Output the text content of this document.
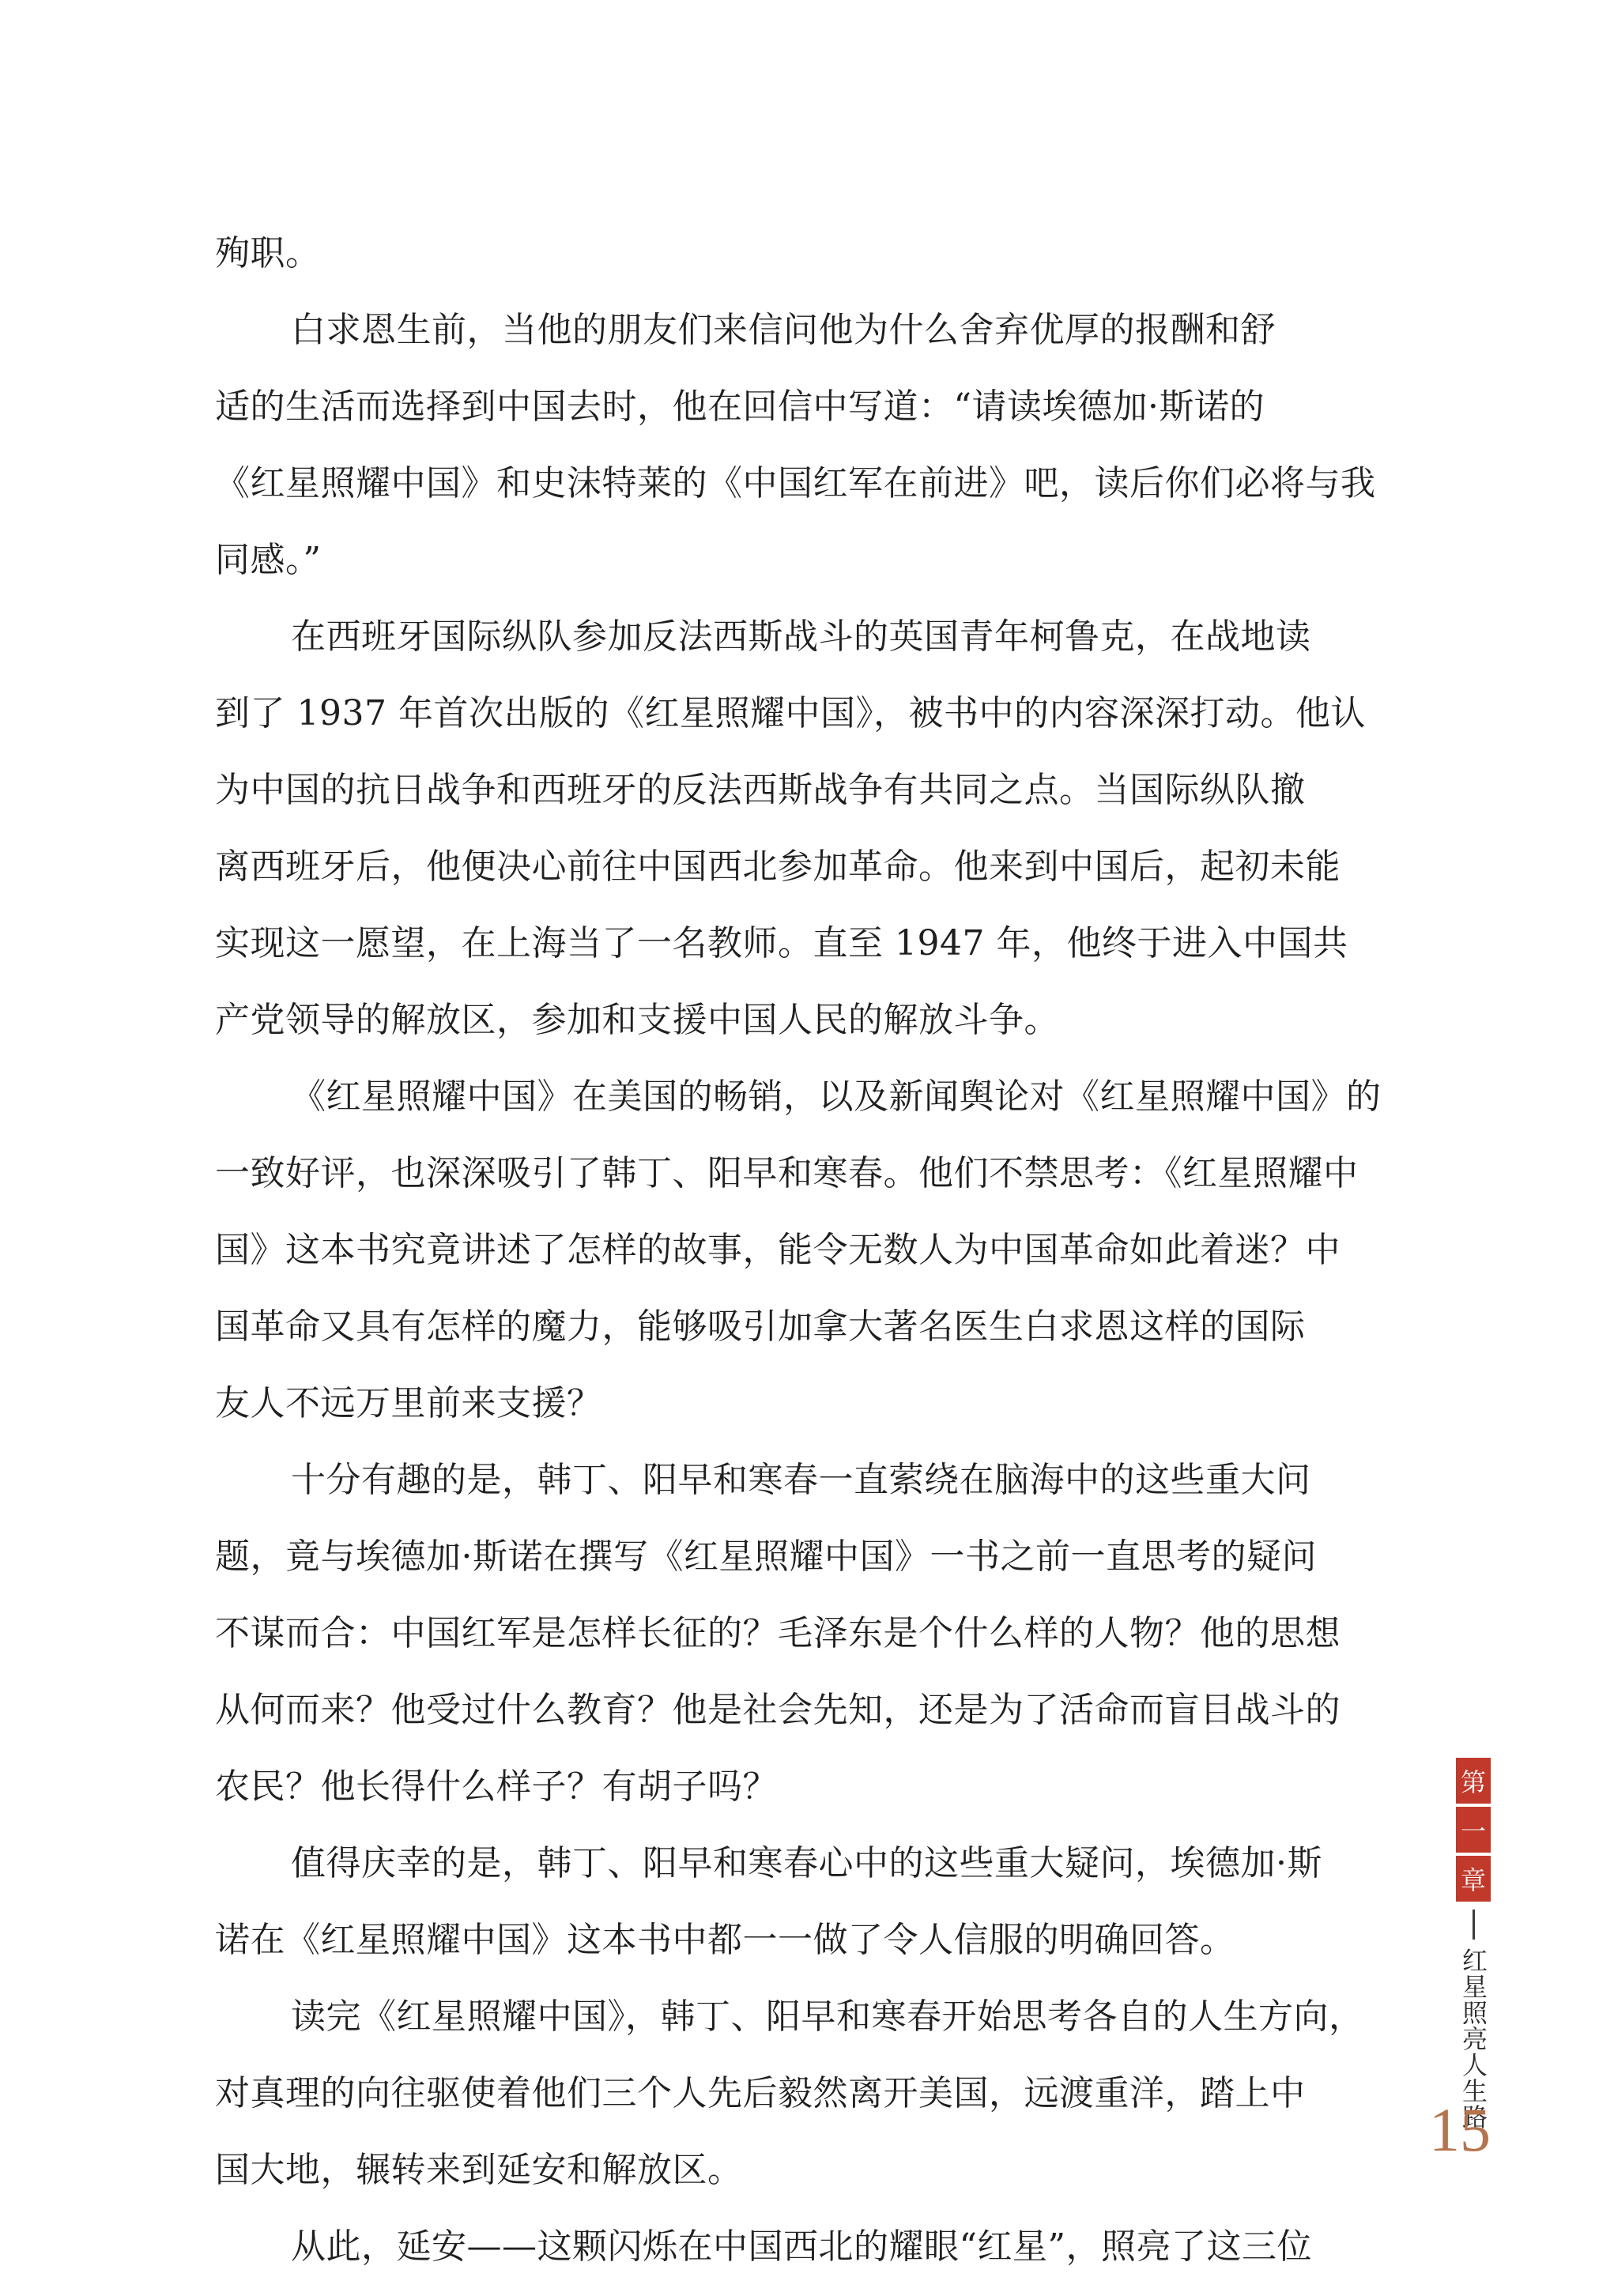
殉职。
白求恩生前，当他的朋友们来信问他为什么舍弃优厚的报酬和舒
适的生活而选择到中国去时，他在回信中写道：“请读埃德加·斯诺的
《红星照耀中国》和史沫特莱的《中国红军在前进》吧，读后你们必将与我
同感。”
在西班牙国际纵队参加反法西斯战斗的英国青年柯鲁克，在战地读
到了 1937 年首次出版的《红星照耀中国》，被书中的内容深深打动。他认
为中国的抗日战争和西班牙的反法西斯战争有共同之点。当国际纵队撤
离西班牙后，他便决心前往中国西北参加革命。他来到中国后，起初未能
实现这一愿望，在上海当了一名教师。直至 1947 年，他终于进入中国共
产党领导的解放区，参加和支援中国人民的解放斗争。
《红星照耀中国》在美国的畅销，以及新闻舆论对《红星照耀中国》的
一致好评，也深深吸引了韩丁、阳早和寒春。他们不禁思考：《红星照耀中
国》这本书究竟讲述了怎样的故事，能令无数人为中国革命如此着迷？中
国革命又具有怎样的魔力，能够吸引加拿大著名医生白求恩这样的国际
友人不远万里前来支援？
十分有趣的是，韩丁、阳早和寒春一直萦绕在脑海中的这些重大问
题，竟与埃德加·斯诺在撰写《红星照耀中国》一书之前一直思考的疑问
不谋而合：中国红军是怎样长征的？毛泽东是个什么样的人物？他的思想
从何而来？他受过什么教育？他是社会先知，还是为了活命而盲目战斗的
农民？他长得什么样子？有胡子吗？
值得庆幸的是，韩丁、阳早和寒春心中的这些重大疑问，埃德加·斯
诺在《红星照耀中国》这本书中都一一做了令人信服的明确回答。
读完《红星照耀中国》，韩丁、阳早和寒春开始思考各自的人生方向，
对真理的向往驱使着他们三个人先后毅然离开美国，远渡重洋，踏上中
国大地，辗转来到延安和解放区。
从此，延安——这颗闪烁在中国西北的耀眼“红星”，照亮了这三位
第
一
章
红星照亮人生路
15
